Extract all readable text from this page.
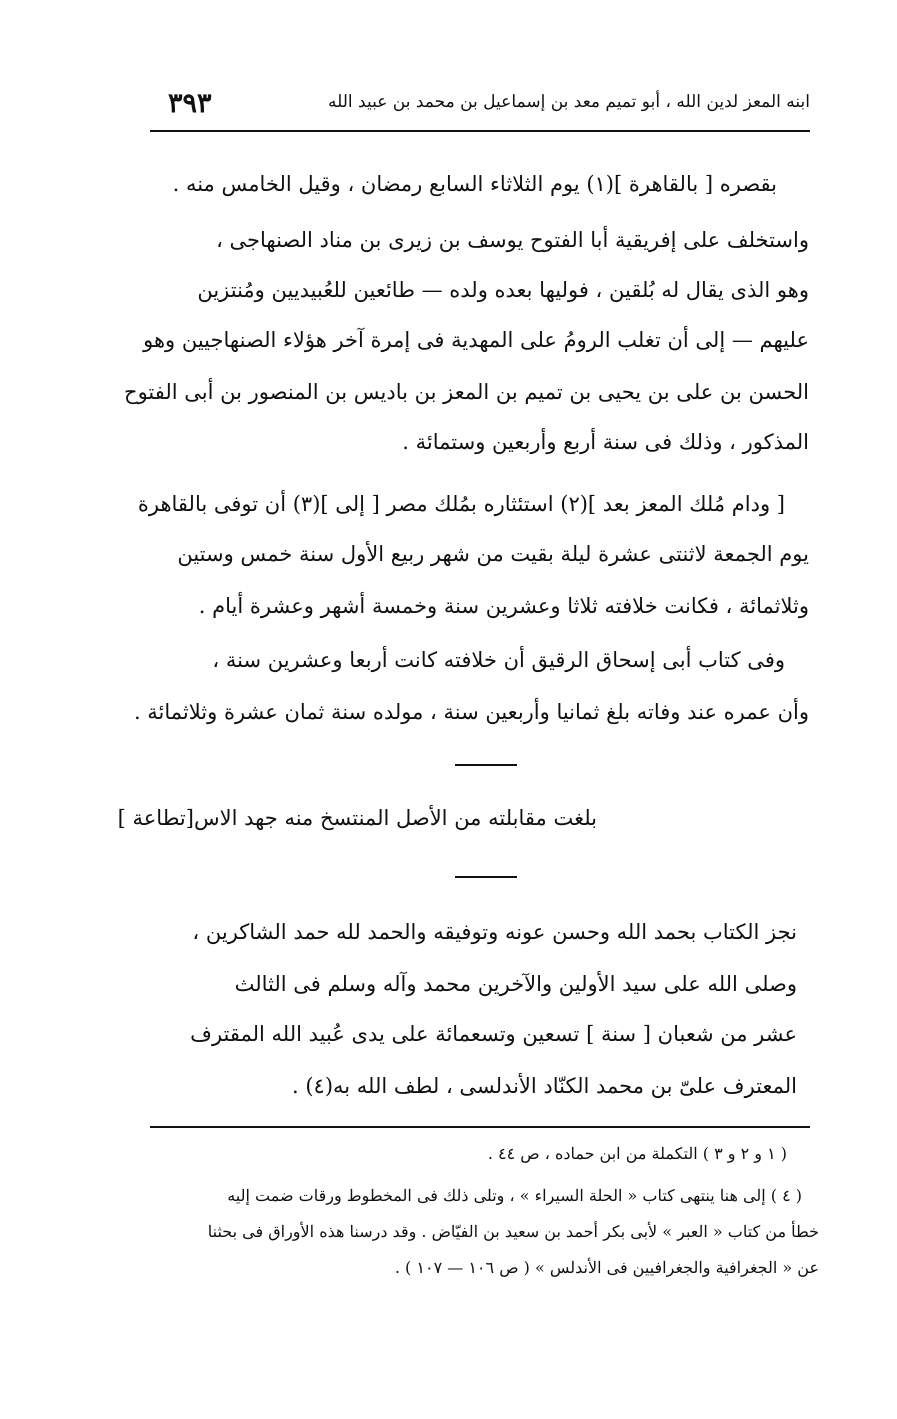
ابنه المعز لدين الله ، أبو تميم معد بن إسماعيل بن محمد بن عبيد الله
٣٩٣
بقصره [ بالقاهرة ](١) يوم الثلاثاء السابع رمضان ، وقيل الخامس منه .
واستخلف على إفريقية أبا الفتوح يوسف بن زيرى بن مناد الصنهاجى ،
وهو الذى يقال له بُلقين ، فوليها بعده ولده — طائعين للعُبيديين ومُنتزين
عليهم — إلى أن تغلب الرومُ على المهدية فى إمرة آخر هؤلاء الصنهاجيين وهو
الحسن بن على بن يحيى بن تميم بن المعز بن باديس بن المنصور بن أبى الفتوح
المذكور ، وذلك فى سنة أربع وأربعين وستمائة .
[ ودام مُلك المعز بعد ](٢) استئثاره بمُلك مصر [ إلى ](٣) أن توفى بالقاهرة
يوم الجمعة لاثنتى عشرة ليلة بقيت من شهر ربيع الأول سنة خمس وستين
وثلاثمائة ، فكانت خلافته ثلاثا وعشرين سنة وخمسة أشهر وعشرة أيام .
وفى كتاب أبى إسحاق الرقيق أن خلافته كانت أربعا وعشرين سنة ،
وأن عمره عند وفاته بلغ ثمانيا وأربعين سنة ، مولده سنة ثمان عشرة وثلاثمائة .
بلغت مقابلته من الأصل المنتسخ منه جهد الاس[تطاعة ]
نجز الكتاب بحمد الله وحسن عونه وتوفيقه والحمد لله حمد الشاكرين ،
وصلى الله على سيد الأولين والآخرين محمد وآله وسلم فى الثالث
عشر من شعبان [ سنة ] تسعين وتسعمائة على يدى عُبيد الله المقترف
المعترف علىّ بن محمد الكنّاد الأندلسى ، لطف الله به(٤) .
( ١ و ٢ و ٣ ) التكملة من ابن حماده ، ص ٤٤ .
( ٤ ) إلى هنا ينتهى كتاب « الحلة السيراء » ، وتلى ذلك فى المخطوط ورقات ضمت إليه
خطأ من كتاب « العبر » لأبى بكر أحمد بن سعيد بن الفيّاض . وقد درسنا هذه الأوراق فى بحثنا
عن « الجغرافية والجغرافيين فى الأندلس » ( ص ١٠٦ — ١٠٧ ) .
